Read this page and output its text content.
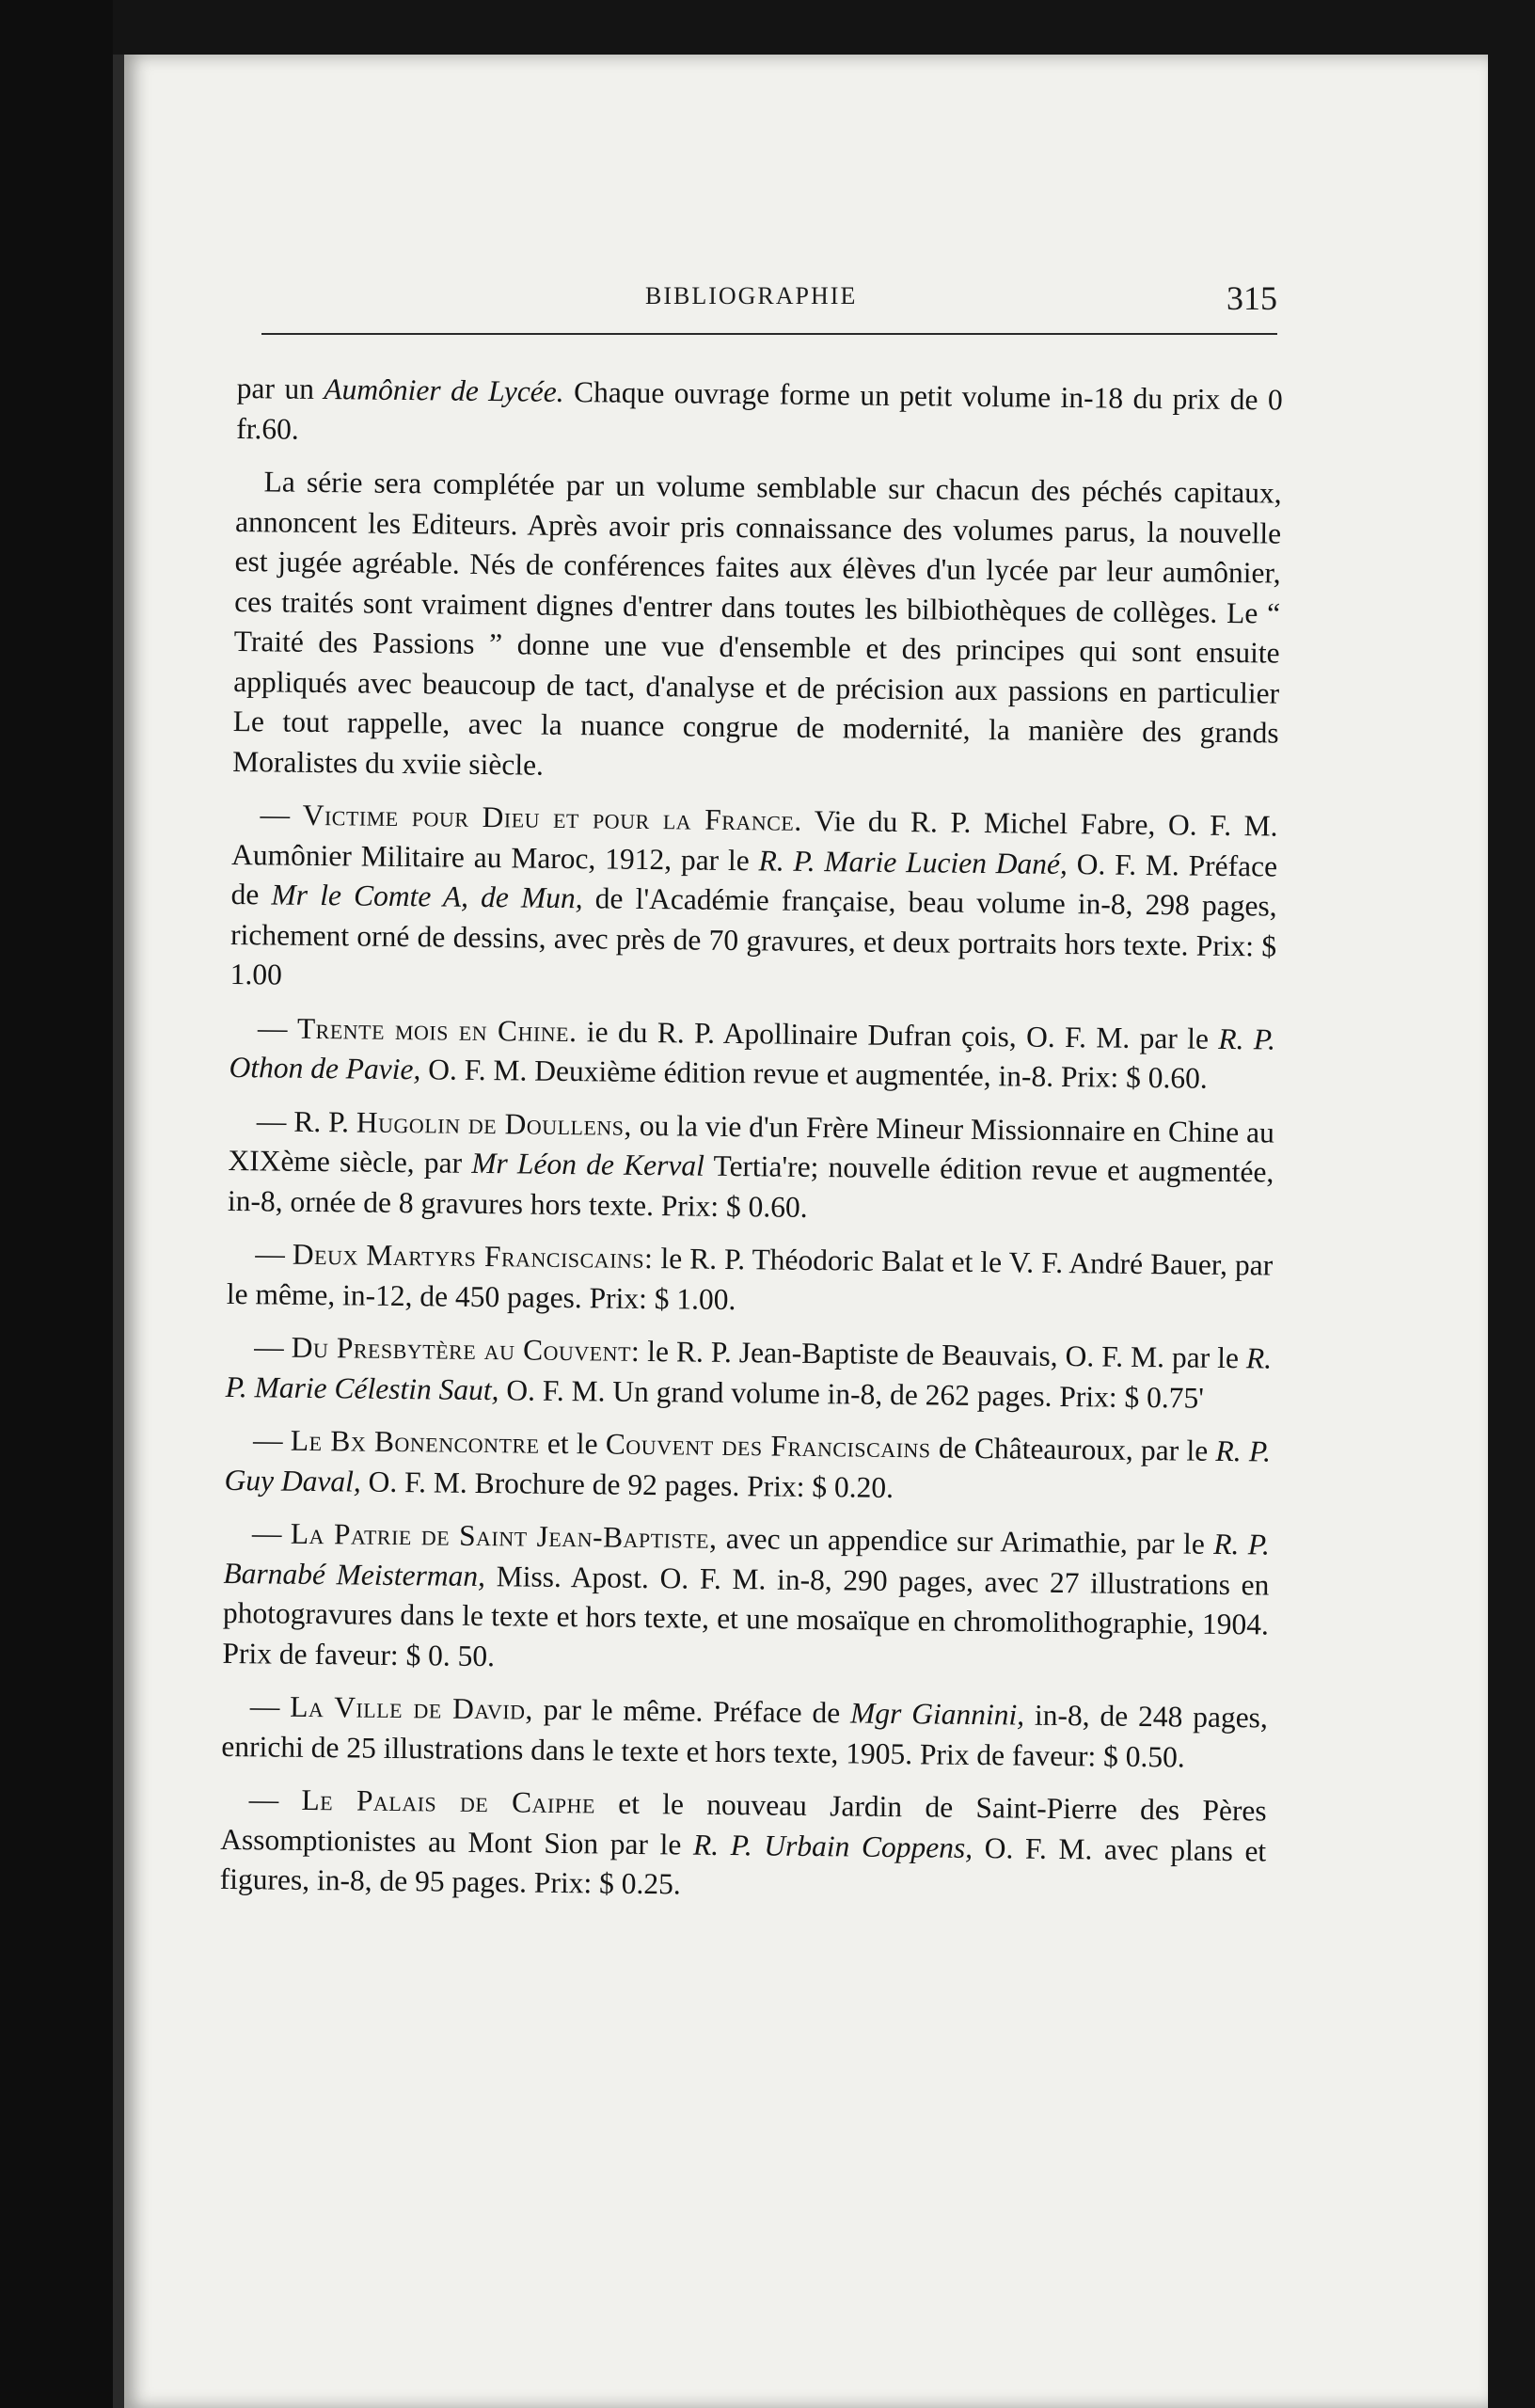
BIBLIOGRAPHIE	315

par un Aumônier de Lycée. Chaque ouvrage forme un petit volume in-18 du prix de 0 fr.60.

La série sera complétée par un volume semblable sur chacun des péchés capitaux, annoncent les Editeurs. Après avoir pris connaissance des volumes parus, la nouvelle est jugée agréable. Nés de conférences faites aux élèves d'un lycée par leur aumônier, ces traités sont vraiment dignes d'entrer dans toutes les bilbiothèques de collèges. Le “ Traité des Passions ” donne une vue d'ensemble et des principes qui sont ensuite appliqués avec beaucoup de tact, d'analyse et de précision aux passions en particulier Le tout rappelle, avec la nuance congrue de modernité, la manière des grands Moralistes du xviie siècle.

— Victime pour Dieu et pour la France. Vie du R. P. Michel Fabre, O. F. M. Aumônier Militaire au Maroc, 1912, par le R. P. Marie Lucien Dané, O. F. M. Préface de Mr le Comte A, de Mun, de l'Académie française, beau volume in-8, 298 pages, richement orné de dessins, avec près de 70 gravures, et deux portraits hors texte. Prix: $ 1.00

— Trente mois en Chine. ie du R. P. Apollinaire Dufran çois, O. F. M. par le R. P. Othon de Pavie, O. F. M. Deuxième édition revue et augmentée, in-8. Prix: $ 0.60.

— R. P. Hugolin de Doullens, ou la vie d'un Frère Mineur Missionnaire en Chine au XIXème siècle, par Mr Léon de Kerval Tertia're; nouvelle édition revue et augmentée, in-8, ornée de 8 gravures hors texte. Prix: $ 0.60.

— Deux Martyrs Franciscains: le R. P. Théodoric Balat et le V. F. André Bauer, par le même, in-12, de 450 pages. Prix: $ 1.00.

— Du Presbytère au Couvent: le R. P. Jean-Baptiste de Beauvais, O. F. M. par le R. P. Marie Célestin Saut, O. F. M. Un grand volume in-8, de 262 pages. Prix: $ 0.75'

— Le Bx Bonencontre et le Couvent des Franciscains de Châteauroux, par le R. P. Guy Daval, O. F. M. Brochure de 92 pages. Prix: $ 0.20.

— La Patrie de Saint Jean-Baptiste, avec un appendice sur Arimathie, par le R. P. Barnabé Meisterman, Miss. Apost. O. F. M. in-8, 290 pages, avec 27 illustrations en photogravures dans le texte et hors texte, et une mosaïque en chromolithographie, 1904. Prix de faveur: $ 0. 50.

— La Ville de David, par le même. Préface de Mgr Giannini, in-8, de 248 pages, enrichi de 25 illustrations dans le texte et hors texte, 1905. Prix de faveur: $ 0.50.

— Le Palais de Caiphe et le nouveau Jardin de Saint-Pierre des Pères Assomptionistes au Mont Sion par le R. P. Urbain Coppens, O. F. M. avec plans et figures, in-8, de 95 pages. Prix: $ 0.25.
